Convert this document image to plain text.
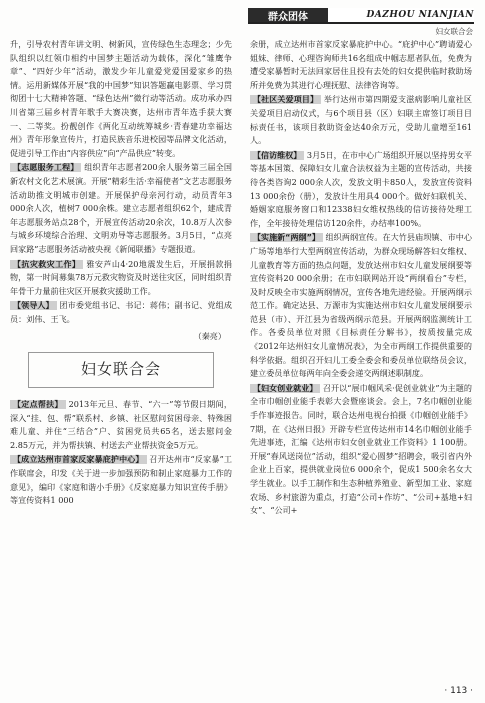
群众团体	DAZHOU NIANJIAN
妇女联合会

升，引导农村青年讲文明、树新风，宣传绿色生态理念；少先队组织以红领巾相约中国梦主题活动为载体，深化“雏鹰争章”、“四好少年”活动，激发少年儿童爱党爱国爱家乡的热情。运用新媒体开展“我的中国梦”知识答题赢电影票、学习贯彻团十七大精神答题、“绿色达州”微行动等活动。成功承办四川省第三届乡村青年歌手大赛决赛，达州市青年选手获大赛一、二等奖。扮靓创作《两化互动统筹城乡·青春建功幸福达州》青年形象宣传片，打造民族音乐进校园等品牌文化活动，促进引导工作由“内容供应”向“产品供应”转变。

【志愿服务工程】 组织青年志愿者200余人服务第三届全国新农村文化艺术展演。开展“精彩生活·幸福使者”文艺志愿服务活动助推文明城市创建。开展保护母亲河行动，动员青年3 000余人次，植树7 000余株。建立志愿者组织62个，建成青年志愿服务站点28个，开展宣传活动20余次，10.8万人次参与城乡环境综合治理、文明劝导等志愿服务。3月5日，“点亮回家路”志愿服务活动被央视《新闻联播》专题报道。

【抗灾救灾工作】 雅安芦山4·20地震发生后，开展捐款捐物，第一时间募集78万元救灾物资及时送往灾区，同时组织青年骨干力量前往灾区开展救灾援助工作。

【领导人】 团市委党组书记、书记：蒋伟；副书记、党组成员：刘伟、王飞。

（秦亮）

妇女联合会

【定点帮扶】 2013年元旦、春节、“六一”等节假日期间，深入“挂、包、帮”联系村、乡镇、社区慰问贫困母亲、特殊困难儿童、并住“三结合”户、贫困党员共65名，送去慰问金2.85万元，并为帮扶镇、村送去产业帮扶资金5万元。

【成立达州市首家反家暴庇护中心】 召开达州市“反家暴”工作联席会，印发《关于进一步加强预防和制止家庭暴力工作的意见》，编印《家庭和谐小手册》《反家庭暴力知识宣传手册》等宣传资料1 000

余册，成立达州市首家反家暴庇护中心。“庇护中心”聘请爱心姐妹、律师、心理咨询师共16名组成中帼志愿者队伍，免费为遭受家暴暂时无法回家居住且投有去处的妇女提供临时救助场所并免费为其进行心理抚慰、法律咨询等。

【社区关爱项目】 举行达州市第四期爱支滋病影响儿童社区关爱项目启动仪式，与6个项目县（区）妇联主席签订项目目标责任书，该项目救助资金达40余万元，受助儿童增至161人。

【信访维权】 3月5日，在市中心广场组织开展以坚持男女平等基本国策、保障妇女儿童合法权益为主题的宣传活动，共接待各类咨询2 000余人次，发放文明卡850人，发放宣传资料13 000余份（册），发放计生用具4 000个。做好妇联机关、婚姻家庭服务窗口和12338妇女维权热线的信访接待处理工作，全年接待处理信访120余件，办结率100%。

【实施新“两纲”】 组织两纲宣传。在大竹县庙坝镇、市中心广场等地举行大型两纲宣传活动，为群众现场解答妇女维权、儿童教育等方面的热点问题，发放达州市妇女儿童发展纲要等宣传资料20 000余册；在市妇联网站开设“两纲看台”专栏，及时反映全市实施两纲情况，宣传各地先进经验。开展两纲示范工作。确定达县、万源市为实施达州市妇女儿童发展纲要示范县（市）、开江县为省级两纲示范县。开展两纲监测统计工作。各委员单位对照《目标责任分解书》，按质按量完成《2012年达州妇女儿童情况表》，为全市两纲工作提供重要的科学依据。组织召开妇儿工委全委会和委员单位联络员会议，建立委员单位每两年向全委会递交两纲述职制度。

【妇女创业就业】 召开以“展巾帼风采·促创业就业”为主题的全市巾帼创业能手表彰大会暨座谈会。会上，7名巾帼创业能手作事迹报告。同时，联合达州电视台拍摄《巾帼创业能手》7期，在《达州日报》开辟专栏宣传达州市14名巾帼创业能手先进事迹，汇编《达州市妇女创业就业工作资料》1 100册。开展“春风送岗位”活动，组织“爱心圆梦”招聘会，吸引省内外企业上百家，提供就业岗位6 000余个，促成1 500余名女大学生就业。以手工制作和生态种植养殖业、新型加工业、家庭农场、乡村旅游为重点，打造“公司+作坊”、“公司+基地+妇女”、“公司+

· 113 ·
